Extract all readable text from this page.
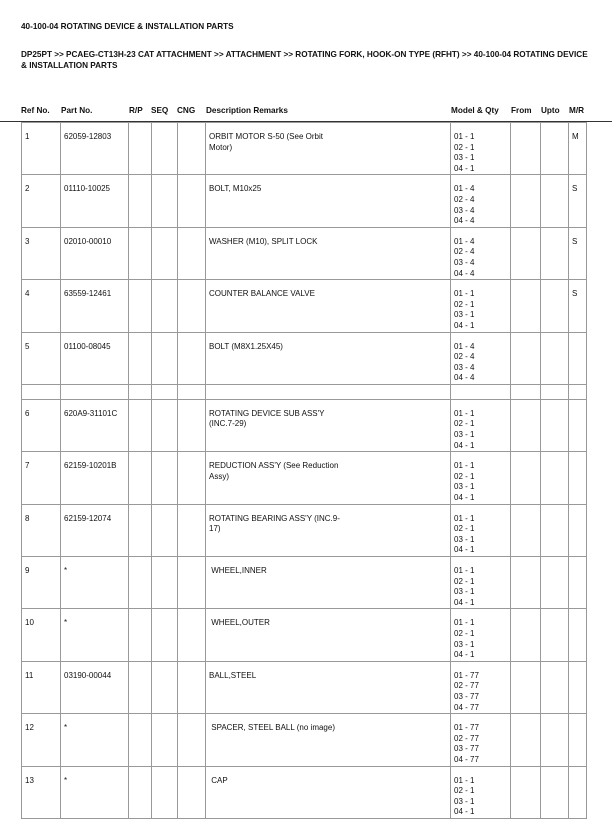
40-100-04 ROTATING DEVICE & INSTALLATION PARTS
DP25PT >> PCAEG-CT13H-23 CAT ATTACHMENT >> ATTACHMENT >> ROTATING FORK, HOOK-ON TYPE (RFHT) >> 40-100-04 ROTATING DEVICE & INSTALLATION PARTS
Ref No. Part No.	R/P SEQ CNG Description Remarks	Model & Qty From Upto M/R
1	62059-12803				ORBIT MOTOR S-50 (See Orbit Motor)	01 - 1
02 - 1
03 - 1
04 - 1			M
2	01110-10025				BOLT, M10x25	01 - 4
02 - 4
03 - 4
04 - 4			S
3	02010-00010				WASHER (M10), SPLIT LOCK	01 - 4
02 - 4
03 - 4
04 - 4			S
4	63559-12461				COUNTER BALANCE VALVE	01 - 1
02 - 1
03 - 1
04 - 1			S
5	01100-08045				BOLT (M8X1.25X45)	01 - 4
02 - 4
03 - 4
04 - 4			

6	620A9-31101C				ROTATING DEVICE SUB ASS'Y (INC.7-29)	01 - 1
02 - 1
03 - 1
04 - 1			

7	62159-10201B				REDUCTION ASS'Y (See Reduction Assy)	01 - 1
02 - 1
03 - 1
04 - 1			

8	62159-12074				ROTATING BEARING ASS'Y (INC.9-17)	01 - 1
02 - 1
03 - 1
04 - 1			

9	*				WHEEL,INNER	01 - 1
02 - 1
03 - 1
04 - 1			

10	*				WHEEL,OUTER	01 - 1
02 - 1
03 - 1
04 - 1			

11	03190-00044				BALL,STEEL	01 - 77
02 - 77
03 - 77
04 - 77			

12	*				SPACER, STEEL BALL (no image)	01 - 77
02 - 77
03 - 77
04 - 77			

13	*				CAP	01 - 1
02 - 1
03 - 1
04 - 1			
